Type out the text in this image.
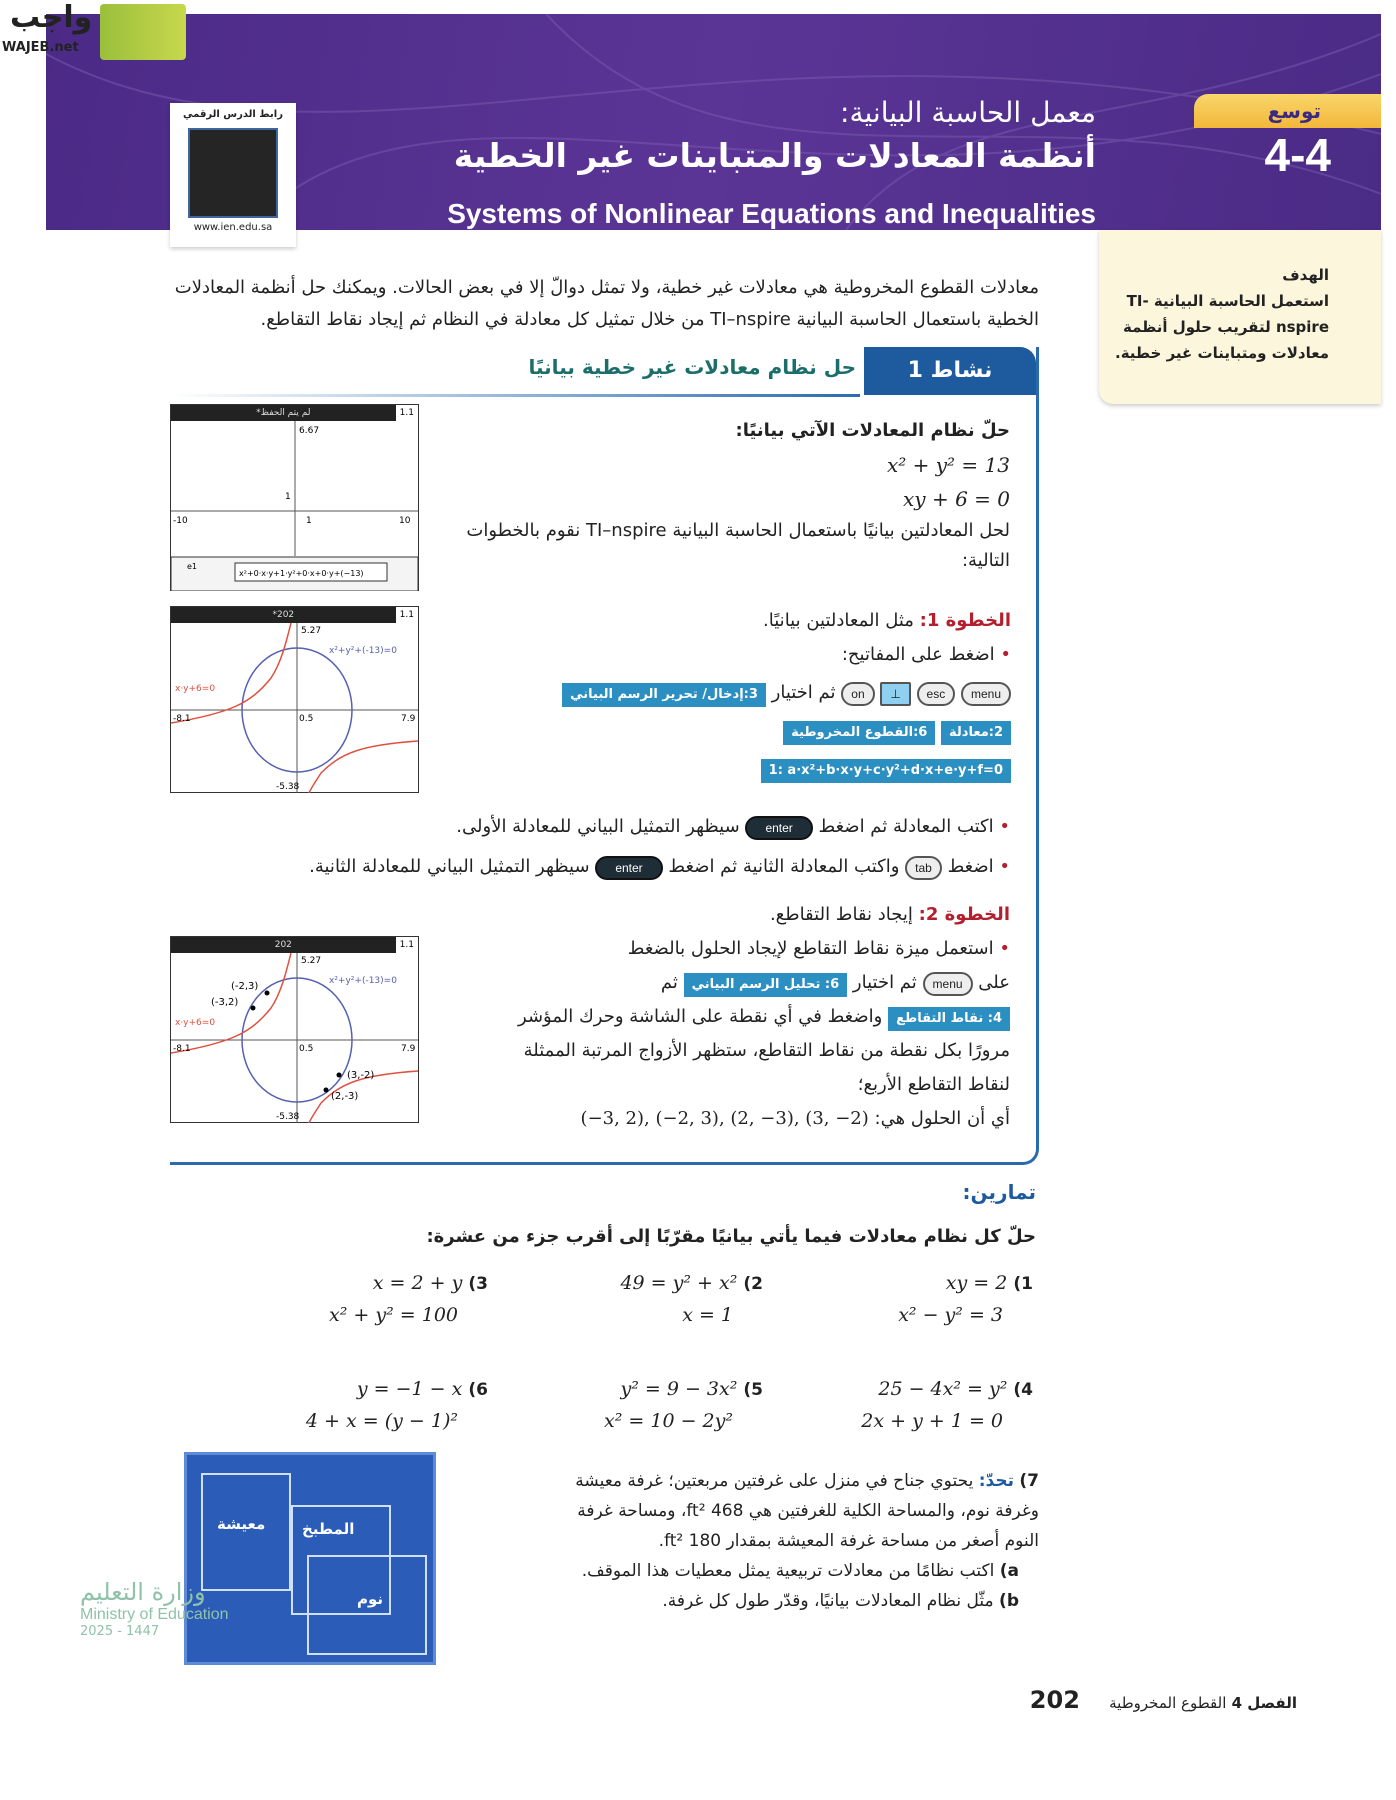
معمل الحاسبة البيانية:
أنظمة المعادلات والمتباينات غير الخطية
Systems of Nonlinear Equations and Inequalities
واجب
WAJEB.net
توسع
4-4
رابط الدرس الرقمي
www.ien.edu.sa
الهدف
استعمل الحاسبة البيانية TI-nspire لتقريب حلول أنظمة معادلات ومتباينات غير خطية.
معادلات القطوع المخروطية هي معادلات غير خطية، ولا تمثل دوالّ إلا في بعض الحالات. ويمكنك حل أنظمة المعادلات الخطية باستعمال الحاسبة البيانية TI–nspire من خلال تمثيل كل معادلة في النظام ثم إيجاد نقاط التقاطع.
نشاط 1
حل نظام معادلات غير خطية بيانيًا
حلّ نظام المعادلات الآتي بيانيًا:
x² + y² = 13
xy + 6 = 0
لحل المعادلتين بيانيًا باستعمال الحاسبة البيانية TI–nspire نقوم بالخطوات التالية:
الخطوة 1: مثل المعادلتين بيانيًا.
• اضغط على المفاتيح:
menu esc ⊥ on ثم اختيار 3:إدخال/ تحرير الرسم البياني
2:معادلة 6:القطوع المخروطية
1: a·x²+b·x·y+c·y²+d·x+e·y+f=0
• اكتب المعادلة ثم اضغط enter سيظهر التمثيل البياني للمعادلة الأولى.
• اضغط tab واكتب المعادلة الثانية ثم اضغط enter سيظهر التمثيل البياني للمعادلة الثانية.
الخطوة 2: إيجاد نقاط التقاطع.
• استعمل ميزة نقاط التقاطع لإيجاد الحلول بالضغط
على menu ثم اختيار 6: تحليل الرسم البياني ثم
4: نقاط التقاطع واضغط في أي نقطة على الشاشة وحرك المؤشر مرورًا بكل نقطة من نقاط التقاطع، ستظهر الأزواج المرتبة الممثلة لنقاط التقاطع الأربع؛
أي أن الحلول هي: (−3, 2), (−2, 3), (2, −3), (3, −2)
*لم يتم الحفظ	1.1
6.67
1
-10	10
1
e1
x²+0·x·y+1·y²+0·x+0·y+(−13)
*202	1.1
5.27
-5.38
-8.1	7.9
0.5
x²+y²+(-13)=0
x·y+6=0
202	1.1
5.27
-5.38
-8.1	7.9
0.5
x²+y²+(-13)=0
x·y+6=0
(-2,3)
(-3,2)
(3,-2)
(2,-3)
تمارين:
حلّ كل نظام معادلات فيما يأتي بيانيًا مقرّبًا إلى أقرب جزء من عشرة:
1) xy = 2
x² − y² = 3
2) 49 = y² + x²
x = 1
3) x = 2 + y
x² + y² = 100
4) 25 − 4x² = y²
2x + y + 1 = 0
5) y² = 9 − 3x²
x² = 10 − 2y²
6) y = −1 − x
4 + x = (y − 1)²
معيشة المطبخ
نوم
7) تحدّ: يحتوي جناح في منزل على غرفتين مربعتين؛ غرفة معيشة وغرفة نوم، والمساحة الكلية للغرفتين هي 468 ft²، ومساحة غرفة النوم أصغر من مساحة غرفة المعيشة بمقدار 180 ft².
a) اكتب نظامًا من معادلات تربيعية يمثل معطيات هذا الموقف.
b) مثّل نظام المعادلات بيانيًا، وقدّر طول كل غرفة.
وزارة التعليم
Ministry of Education
2025 - 1447
الفصل 4 القطوع المخروطية 202
